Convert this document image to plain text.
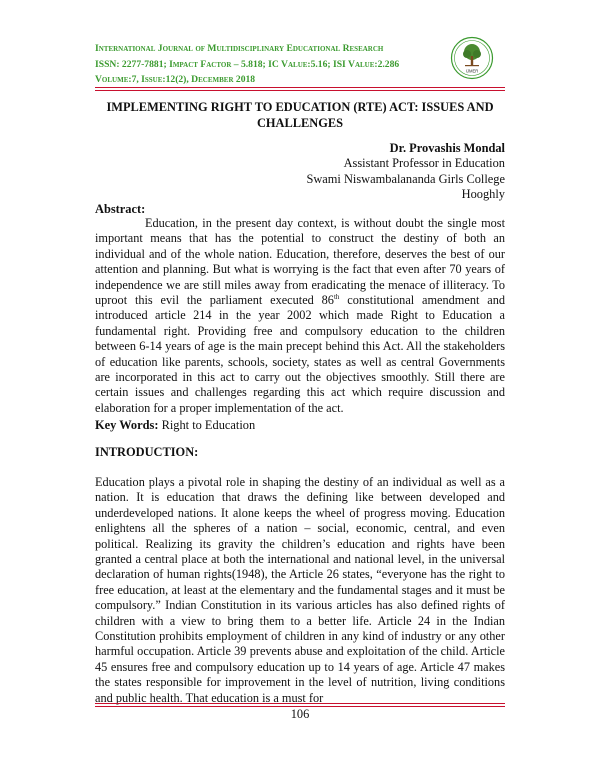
International Journal of Multidisciplinary Educational Research
ISSN: 2277-7881; Impact Factor – 5.818; IC Value:5.16; ISI Value:2.286
Volume:7, Issue:12(2), December 2018
IJMER
IMPLEMENTING RIGHT TO EDUCATION (RTE) ACT: ISSUES AND
CHALLENGES
Dr. Provashis Mondal
Assistant Professor in Education
Swami Niswambalananda Girls College
Hooghly
Abstract:

Education, in the present day context, is without doubt the single most important means that has the potential to construct the destiny of both an individual and of the whole nation. Education, therefore, deserves the best of our attention and planning. But what is worrying is the fact that even after 70 years of independence we are still miles away from eradicating the menace of illiteracy. To uproot this evil the parliament executed 86th constitutional amendment and introduced article 214 in the year 2002 which made Right to Education a fundamental right. Providing free and compulsory education to the children between 6-14 years of age is the main precept behind this Act. All the stakeholders of education like parents, schools, society, states as well as central Governments are incorporated in this act to carry out the objectives smoothly. Still there are certain issues and challenges regarding this act which require discussion and elaboration for a proper implementation of the act.

Key Words: Right to Education
INTRODUCTION:

Education plays a pivotal role in shaping the destiny of an individual as well as a nation. It is education that draws the defining like between developed and underdeveloped nations. It alone keeps the wheel of progress moving. Education enlightens all the spheres of a nation – social, economic, central, and even political. Realizing its gravity the children’s education and rights have been granted a central place at both the international and national level, in the universal declaration of human rights(1948), the Article 26 states, “everyone has the right to free education, at least at the elementary and the fundamental stages and it must be compulsory.” Indian Constitution in its various articles has also defined rights of children with a view to bring them to a better life. Article 24 in the Indian Constitution prohibits employment of children in any kind of industry or any other harmful occupation. Article 39 prevents abuse and exploitation of the child. Article 45 ensures free and compulsory education up to 14 years of age. Article 47 makes the states responsible for improvement in the level of nutrition, living conditions and public health. That education is a must for

106
